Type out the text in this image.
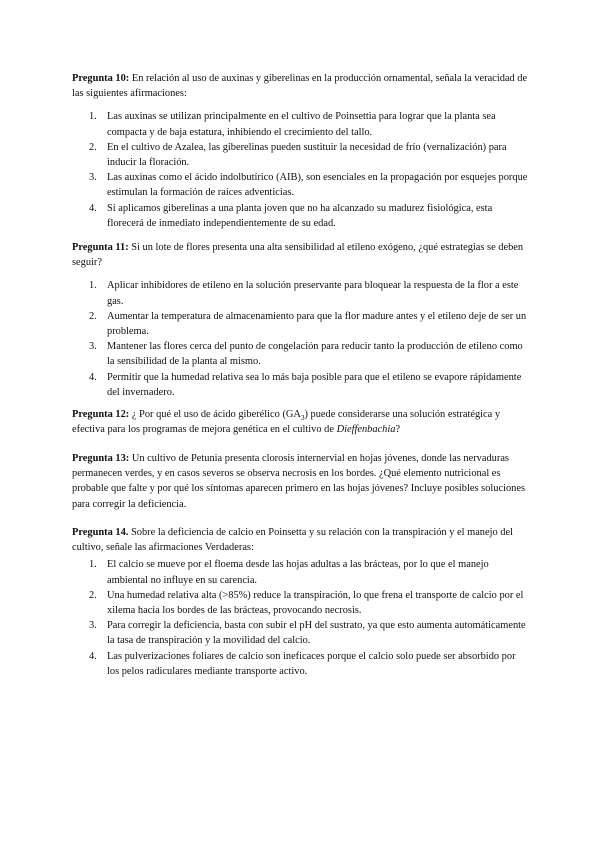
Pregunta 10: En relación al uso de auxinas y giberelinas en la producción ornamental, señala la veracidad de las siguientes afirmaciones:

1. Las auxinas se utilizan principalmente en el cultivo de Poinsettia para lograr que la planta sea compacta y de baja estatura, inhibiendo el crecimiento del tallo.
2. En el cultivo de Azalea, las giberelinas pueden sustituir la necesidad de frío (vernalización) para inducir la floración.
3. Las auxinas como el ácido indolbutírico (AIB), son esenciales en la propagación por esquejes porque estimulan la formación de raíces adventicias.
4. Si aplicamos giberelinas a una planta joven que no ha alcanzado su madurez fisiológica, esta florecerá de inmediato independientemente de su edad.

Pregunta 11: Si un lote de flores presenta una alta sensibilidad al etileno exógeno, ¿qué estrategias se deben seguir?

1. Aplicar inhibidores de etileno en la solución preservante para bloquear la respuesta de la flor a este gas.
2. Aumentar la temperatura de almacenamiento para que la flor madure antes y el etileno deje de ser un problema.
3. Mantener las flores cerca del punto de congelación para reducir tanto la producción de etileno como la sensibilidad de la planta al mismo.
4. Permitir que la humedad relativa sea lo más baja posible para que el etileno se evapore rápidamente del invernadero.

Pregunta 12: ¿ Por qué el uso de ácido giberélico $(GA_3)$ puede considerarse una solución estratégica y efectiva para los programas de mejora genética en el cultivo de Dieffenbachia?

Pregunta 13: Un cultivo de Petunia presenta clorosis internervial en hojas jóvenes, donde las nervaduras permanecen verdes, y en casos severos se observa necrosis en los bordes. ¿Qué elemento nutricional es probable que falte y por qué los síntomas aparecen primero en las hojas jóvenes? Incluye posibles soluciones para corregir la deficiencia.

Pregunta 14. Sobre la deficiencia de calcio en Poinsetta y su relación con la transpiración y el manejo del cultivo, señale las afirmaciones Verdaderas:

1. El calcio se mueve por el floema desde las hojas adultas a las brácteas, por lo que el manejo ambiental no influye en su carencia.
2. Una humedad relativa alta (>85%) reduce la transpiración, lo que frena el transporte de calcio por el xilema hacia los bordes de las brácteas, provocando necrosis.
3. Para corregir la deficiencia, basta con subir el pH del sustrato, ya que esto aumenta automáticamente la tasa de transpiración y la movilidad del calcio.
4. Las pulverizaciones foliares de calcio son ineficaces porque el calcio solo puede ser absorbido por los pelos radiculares mediante transporte activo.
